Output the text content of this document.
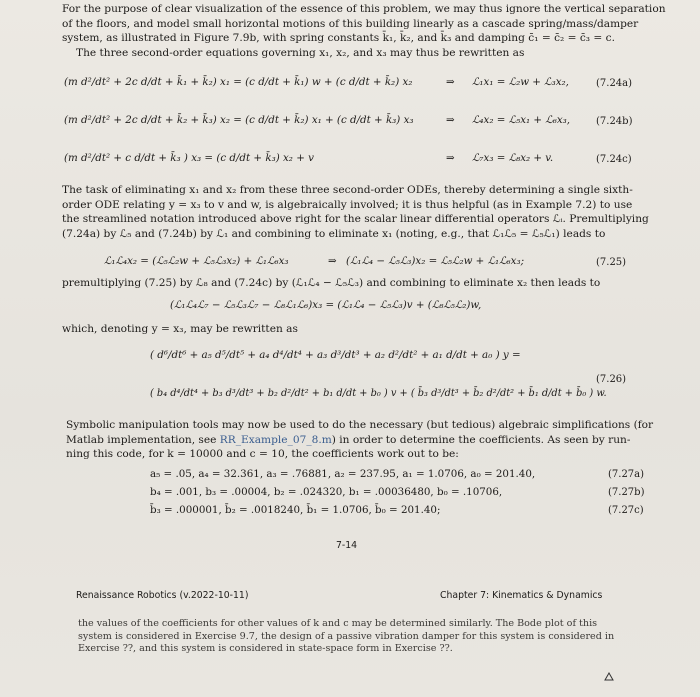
For the purpose of clear visualization of the essence of this problem, we may thus ignore the vertical separation
of the floors, and model small horizontal motions of this building linearly as a cascade spring/mass/damper
system, as illustrated in Figure 7.9b, with spring constants k̄₁, k̄₂, and k̄₃ and damping c̄₁ = c̄₂ = c̄₃ = c.
The three second-order equations governing x₁, x₂, and x₃ may thus be rewritten as
(m d²/dt² + 2c d/dt + k̄₁ + k̄₂) x₁ = (c d/dt + k̄₁) w + (c d/dt + k̄₂) x₂	⇒ ℒ₁x₁ = ℒ₂w + ℒ₃x₂,	(7.24a)
(m d²/dt² + 2c d/dt + k̄₂ + k̄₃) x₂ = (c d/dt + k̄₂) x₁ + (c d/dt + k̄₃) x₃	⇒ ℒ₄x₂ = ℒ₅x₁ + ℒ₆x₃,	(7.24b)
(m d²/dt² + c d/dt + k̄₃ ) x₃ = (c d/dt + k̄₃) x₂ + v	⇒ ℒ₇x₃ = ℒ₈x₂ + v.	(7.24c)
The task of eliminating x₁ and x₂ from these three second-order ODEs, thereby determining a single sixth-
order ODE relating y = x₃ to v and w, is algebraically involved; it is thus helpful (as in Example 7.2) to use
the streamlined notation introduced above right for the scalar linear differential operators ℒᵢ. Premultiplying
(7.24a) by ℒ₅ and (7.24b) by ℒ₁ and combining to eliminate x₁ (noting, e.g., that ℒ₁ℒ₅ = ℒ₅ℒ₁) leads to
ℒ₁ℒ₄x₂ = (ℒ₅ℒ₂w + ℒ₅ℒ₃x₂) + ℒ₁ℒ₆x₃	⇒ (ℒ₁ℒ₄ − ℒ₅ℒ₃)x₂ = ℒ₅ℒ₂w + ℒ₁ℒ₆x₃;	(7.25)
premultiplying (7.25) by ℒ₈ and (7.24c) by (ℒ₁ℒ₄ − ℒ₅ℒ₃) and combining to eliminate x₂ then leads to
(ℒ₁ℒ₄ℒ₇ − ℒ₅ℒ₃ℒ₇ − ℒ₈ℒ₁ℒ₆)x₃ = (ℒ₁ℒ₄ − ℒ₅ℒ₃)v + (ℒ₈ℒ₅ℒ₂)w,
which, denoting y = x₃, may be rewritten as
( d⁶/dt⁶ + a₅ d⁵/dt⁵ + a₄ d⁴/dt⁴ + a₃ d³/dt³ + a₂ d²/dt² + a₁ d/dt + a₀ ) y =
( b₄ d⁴/dt⁴ + b₃ d³/dt³ + b₂ d²/dt² + b₁ d/dt + b₀ ) v + ( b̄₃ d³/dt³ + b̄₂ d²/dt² + b̄₁ d/dt + b̄₀ ) w.
(7.26)
Symbolic manipulation tools may now be used to do the necessary (but tedious) algebraic simplifications (for
Matlab implementation, see RR_Example_07_8.m) in order to determine the coefficients. As seen by run-
ning this code, for k = 10000 and c = 10, the coefficients work out to be:
a₅ = .05, a₄ = 32.361, a₃ = .76881, a₂ = 237.95, a₁ = 1.0706, a₀ = 201.40,	(7.27a)
b₄ = .001, b₃ = .00004, b₂ = .024320, b₁ = .00036480, b₀ = .10706,	(7.27b)
b̄₃ = .000001, b̄₂ = .0018240, b̄₁ = 1.0706, b̄₀ = 201.40;	(7.27c)
7-14
Renaissance Robotics (v.2022-10-11)	Chapter 7: Kinematics & Dynamics
the values of the coefficients for other values of k and c may be determined similarly. The Bode plot of this
system is considered in Exercise 9.7, the design of a passive vibration damper for this system is considered in
Exercise ??, and this system is considered in state-space form in Exercise ??.
